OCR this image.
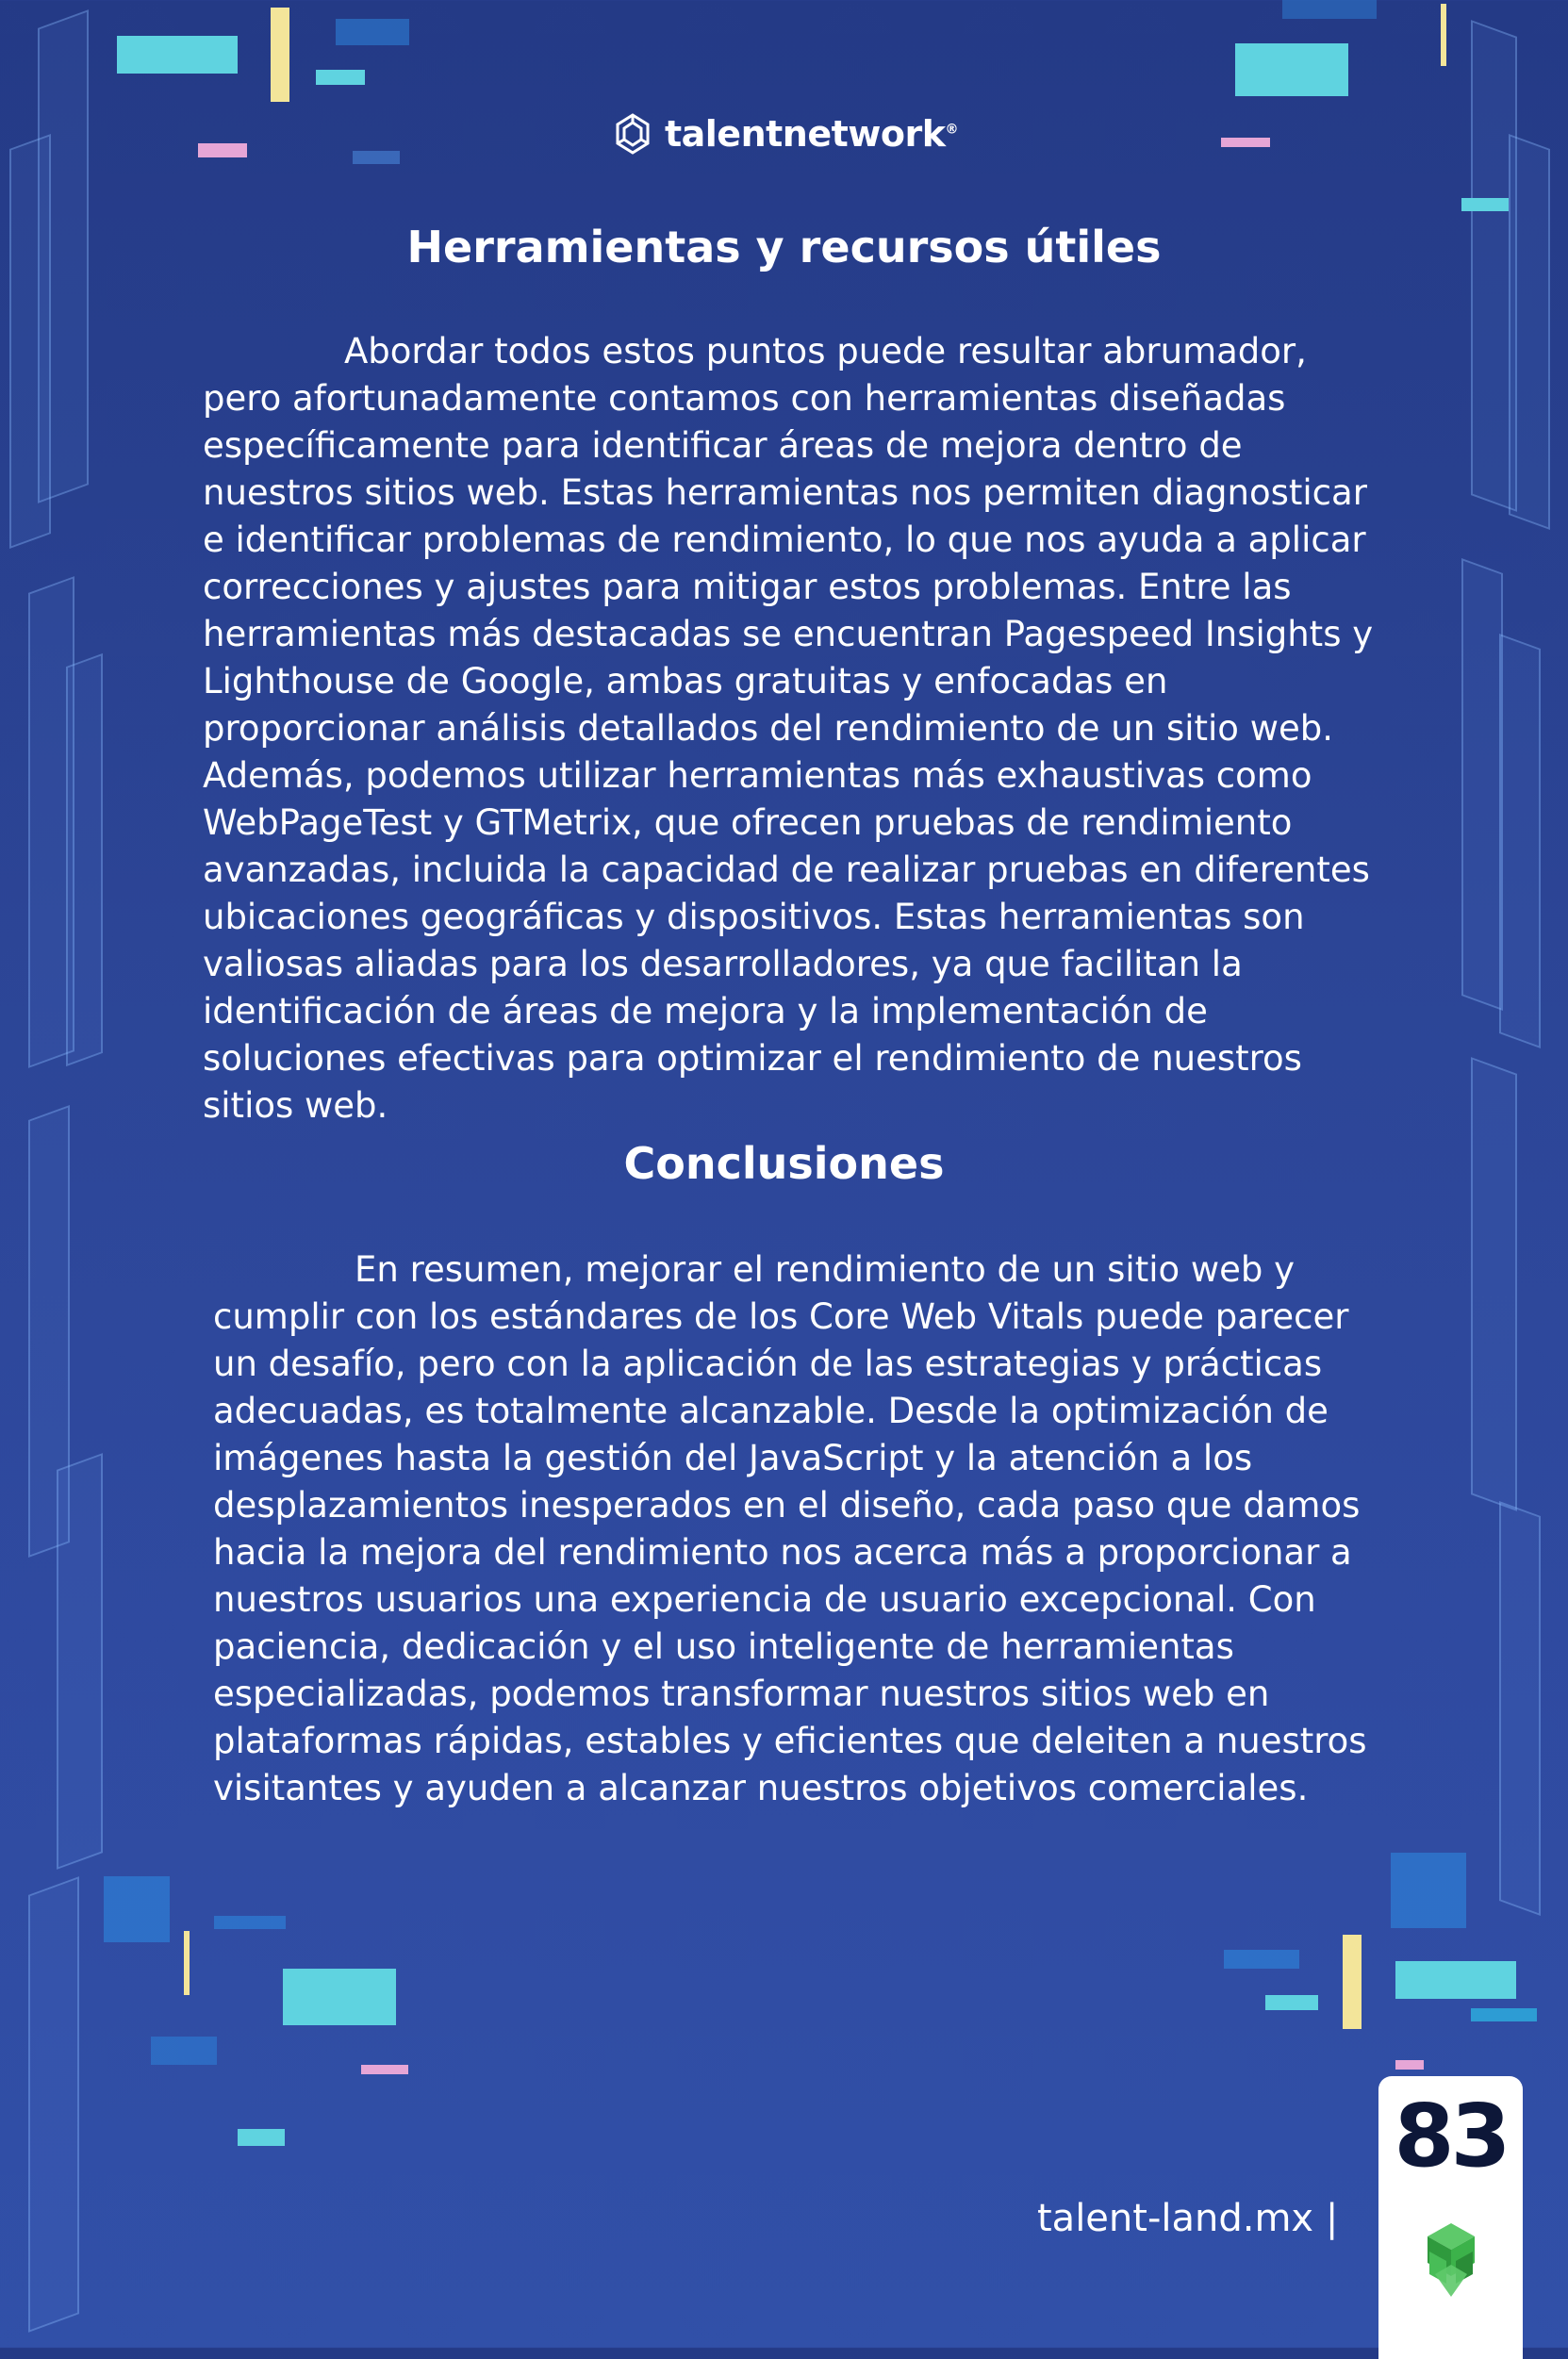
talentnetwork®
Herramientas y recursos útiles

Abordar todos estos puntos puede resultar abrumador, pero afortunadamente contamos con herramientas diseñadas específicamente para identificar áreas de mejora dentro de nuestros sitios web. Estas herramientas nos permiten diagnosticar e identificar problemas de rendimiento, lo que nos ayuda a aplicar correcciones y ajustes para mitigar estos problemas. Entre las herramientas más destacadas se encuentran Pagespeed Insights y Lighthouse de Google, ambas gratuitas y enfocadas en proporcionar análisis detallados del rendimiento de un sitio web. Además, podemos utilizar herramientas más exhaustivas como WebPageTest y GTMetrix, que ofrecen pruebas de rendimiento avanzadas, incluida la capacidad de realizar pruebas en diferentes ubicaciones geográficas y dispositivos. Estas herramientas son valiosas aliadas para los desarrolladores, ya que facilitan la identificación de áreas de mejora y la implementación de soluciones efectivas para optimizar el rendimiento de nuestros sitios web.

Conclusiones

En resumen, mejorar el rendimiento de un sitio web y cumplir con los estándares de los Core Web Vitals puede parecer un desafío, pero con la aplicación de las estrategias y prácticas adecuadas, es totalmente alcanzable. Desde la optimización de imágenes hasta la gestión del JavaScript y la atención a los desplazamientos inesperados en el diseño, cada paso que damos hacia la mejora del rendimiento nos acerca más a proporcionar a nuestros usuarios una experiencia de usuario excepcional. Con paciencia, dedicación y el uso inteligente de herramientas especializadas, podemos transformar nuestros sitios web en plataformas rápidas, estables y eficientes que deleiten a nuestros visitantes y ayuden a alcanzar nuestros objetivos comerciales.

talent-land.mx |
83
